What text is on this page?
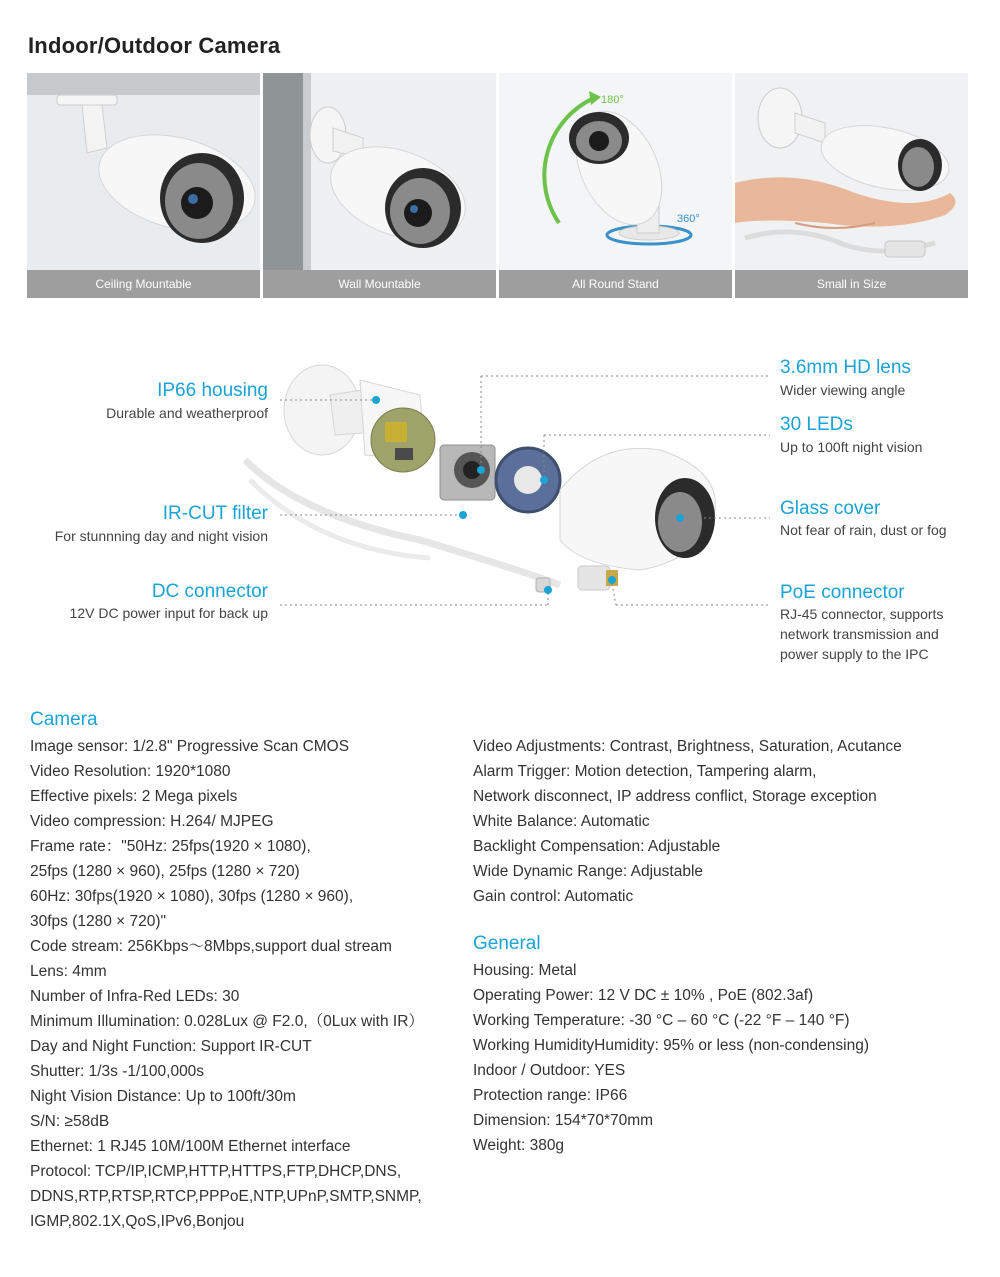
Indoor/Outdoor Camera
Ceiling Mountable	Wall Mountable
180°
360°
All Round Stand	Small in Size
IP66 housing
Durable and weatherproof
IR-CUT filter
For stunnning day and night vision
DC connector
12V DC power input for back up
3.6mm HD lens
Wider viewing angle
30 LEDs
Up to 100ft night vision
Glass cover
Not fear of rain, dust or fog
PoE connector
RJ-45 connector, supports
network transmission and
power supply to the IPC
Camera
Image sensor: 1/2.8" Progressive Scan CMOS
Video Resolution: 1920*1080
Effective pixels: 2 Mega pixels
Video compression: H.264/ MJPEG
Frame rate："50Hz: 25fps(1920 × 1080),
25fps (1280 × 960), 25fps (1280 × 720)
60Hz: 30fps(1920 × 1080), 30fps (1280 × 960),
30fps (1280 × 720)"
Code stream: 256Kbps～8Mbps,support dual stream
Lens: 4mm
Number of Infra-Red LEDs: 30
Minimum Illumination: 0.028Lux @ F2.0,（0Lux with IR）
Day and Night Function: Support IR-CUT
Shutter: 1/3s -1/100,000s
Night Vision Distance: Up to 100ft/30m
S/N: ≥58dB
Ethernet: 1 RJ45 10M/100M Ethernet interface
Protocol: TCP/IP,ICMP,HTTP,HTTPS,FTP,DHCP,DNS,
DDNS,RTP,RTSP,RTCP,PPPoE,NTP,UPnP,SMTP,SNMP,
IGMP,802.1X,QoS,IPv6,Bonjou
Video Adjustments: Contrast, Brightness, Saturation, Acutance
Alarm Trigger: Motion detection, Tampering alarm,
Network disconnect, IP address conflict, Storage exception
White Balance: Automatic
Backlight Compensation: Adjustable
Wide Dynamic Range: Adjustable
Gain control: Automatic
General
Housing: Metal
Operating Power: 12 V DC ± 10% , PoE (802.3af)
Working Temperature: -30 °C – 60 °C (-22 °F – 140 °F)
Working HumidityHumidity: 95% or less (non-condensing)
Indoor / Outdoor: YES
Protection range: IP66
Dimension: 154*70*70mm
Weight: 380g
